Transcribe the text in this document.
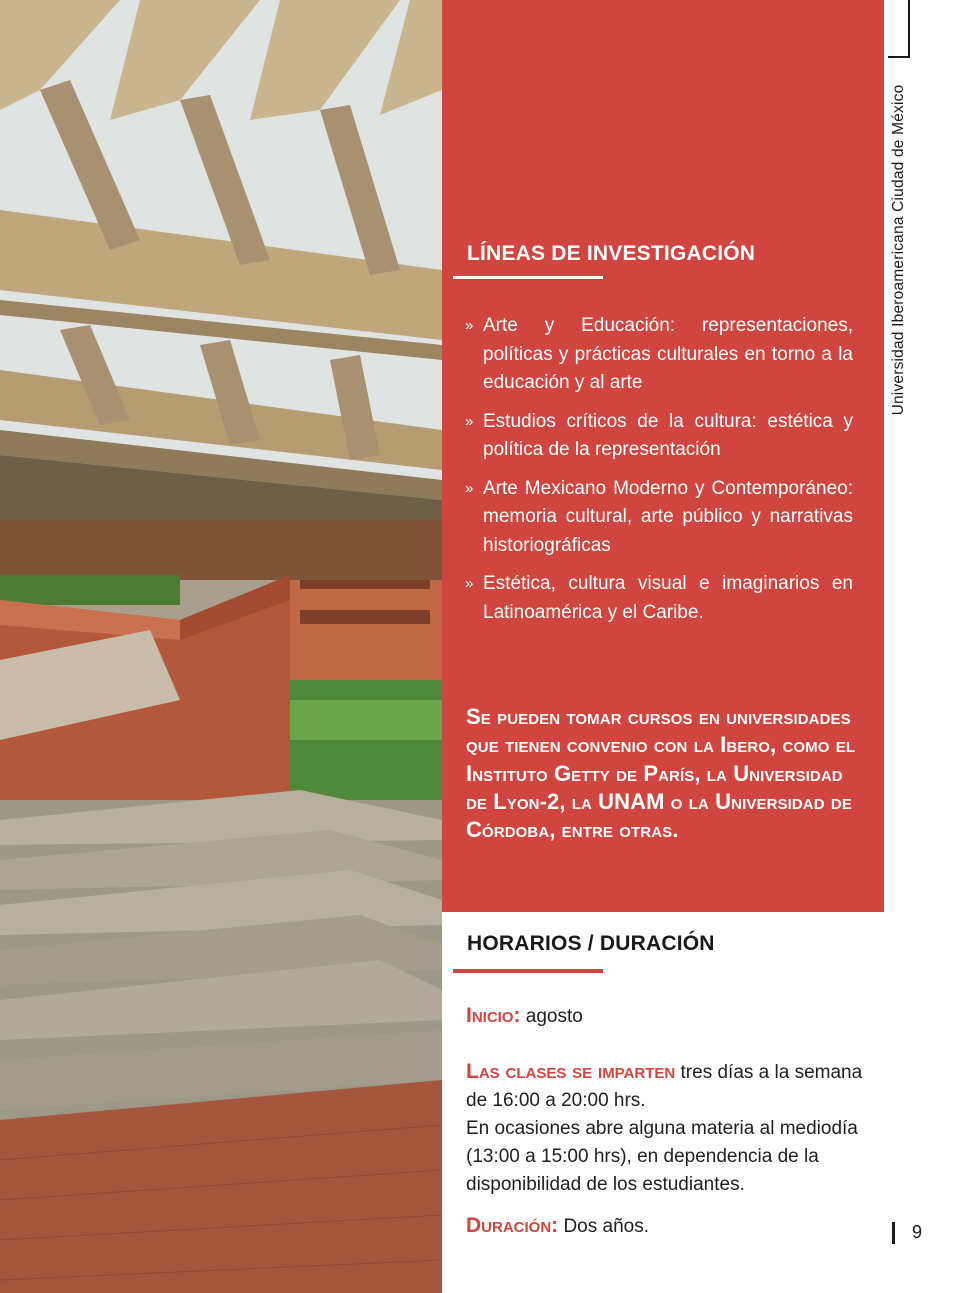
LÍNEAS DE INVESTIGACIÓN
» Arte y Educación: representaciones, políticas y prácticas culturales en torno a la educación y al arte
» Estudios críticos de la cultura: estética y política de la representación
» Arte Mexicano Moderno y Contemporáneo: memoria cultural, arte público y narrativas historiográficas
» Estética, cultura visual e imaginarios en Latinoamérica y el Caribe.
Se pueden tomar cursos en universidades que tienen convenio con la Ibero, como el Instituto Getty de París, la Universidad de Lyon-2, la UNAM o la Universidad de Córdoba, entre otras.
HORARIOS / DURACIÓN
Inicio: agosto
Las clases se imparten tres días a la semana de 16:00 a 20:00 hrs.
En ocasiones abre alguna materia al mediodía (13:00 a 15:00 hrs), en dependencia de la disponibilidad de los estudiantes.
Duración: Dos años.
Universidad Iberoamericana Ciudad de México
9
